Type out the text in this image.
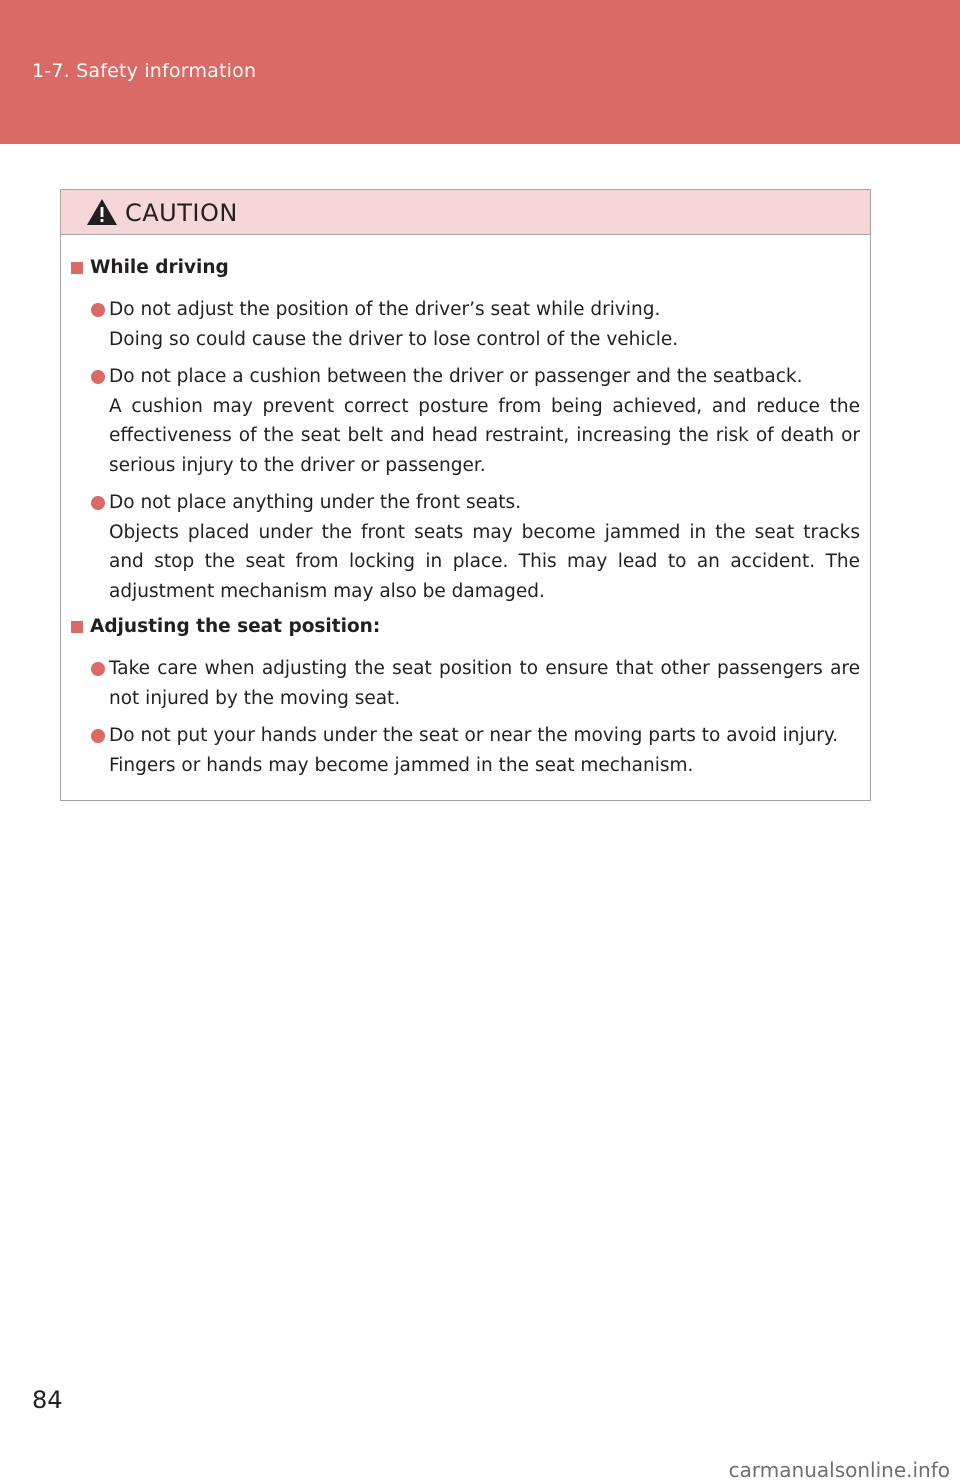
1-7. Safety information
CAUTION
While driving

Do not adjust the position of the driver’s seat while driving.

Doing so could cause the driver to lose control of the vehicle.

Do not place a cushion between the driver or passenger and the seatback.

A cushion may prevent correct posture from being achieved, and reduce the effectiveness of the seat belt and head restraint, increasing the risk of death or serious injury to the driver or passenger.

Do not place anything under the front seats.

Objects placed under the front seats may become jammed in the seat tracks and stop the seat from locking in place. This may lead to an accident. The adjustment mechanism may also be damaged.

Adjusting the seat position:

Take care when adjusting the seat position to ensure that other passengers are not injured by the moving seat.

Do not put your hands under the seat or near the moving parts to avoid injury.

Fingers or hands may become jammed in the seat mechanism.

84
carmanualsonline.info
